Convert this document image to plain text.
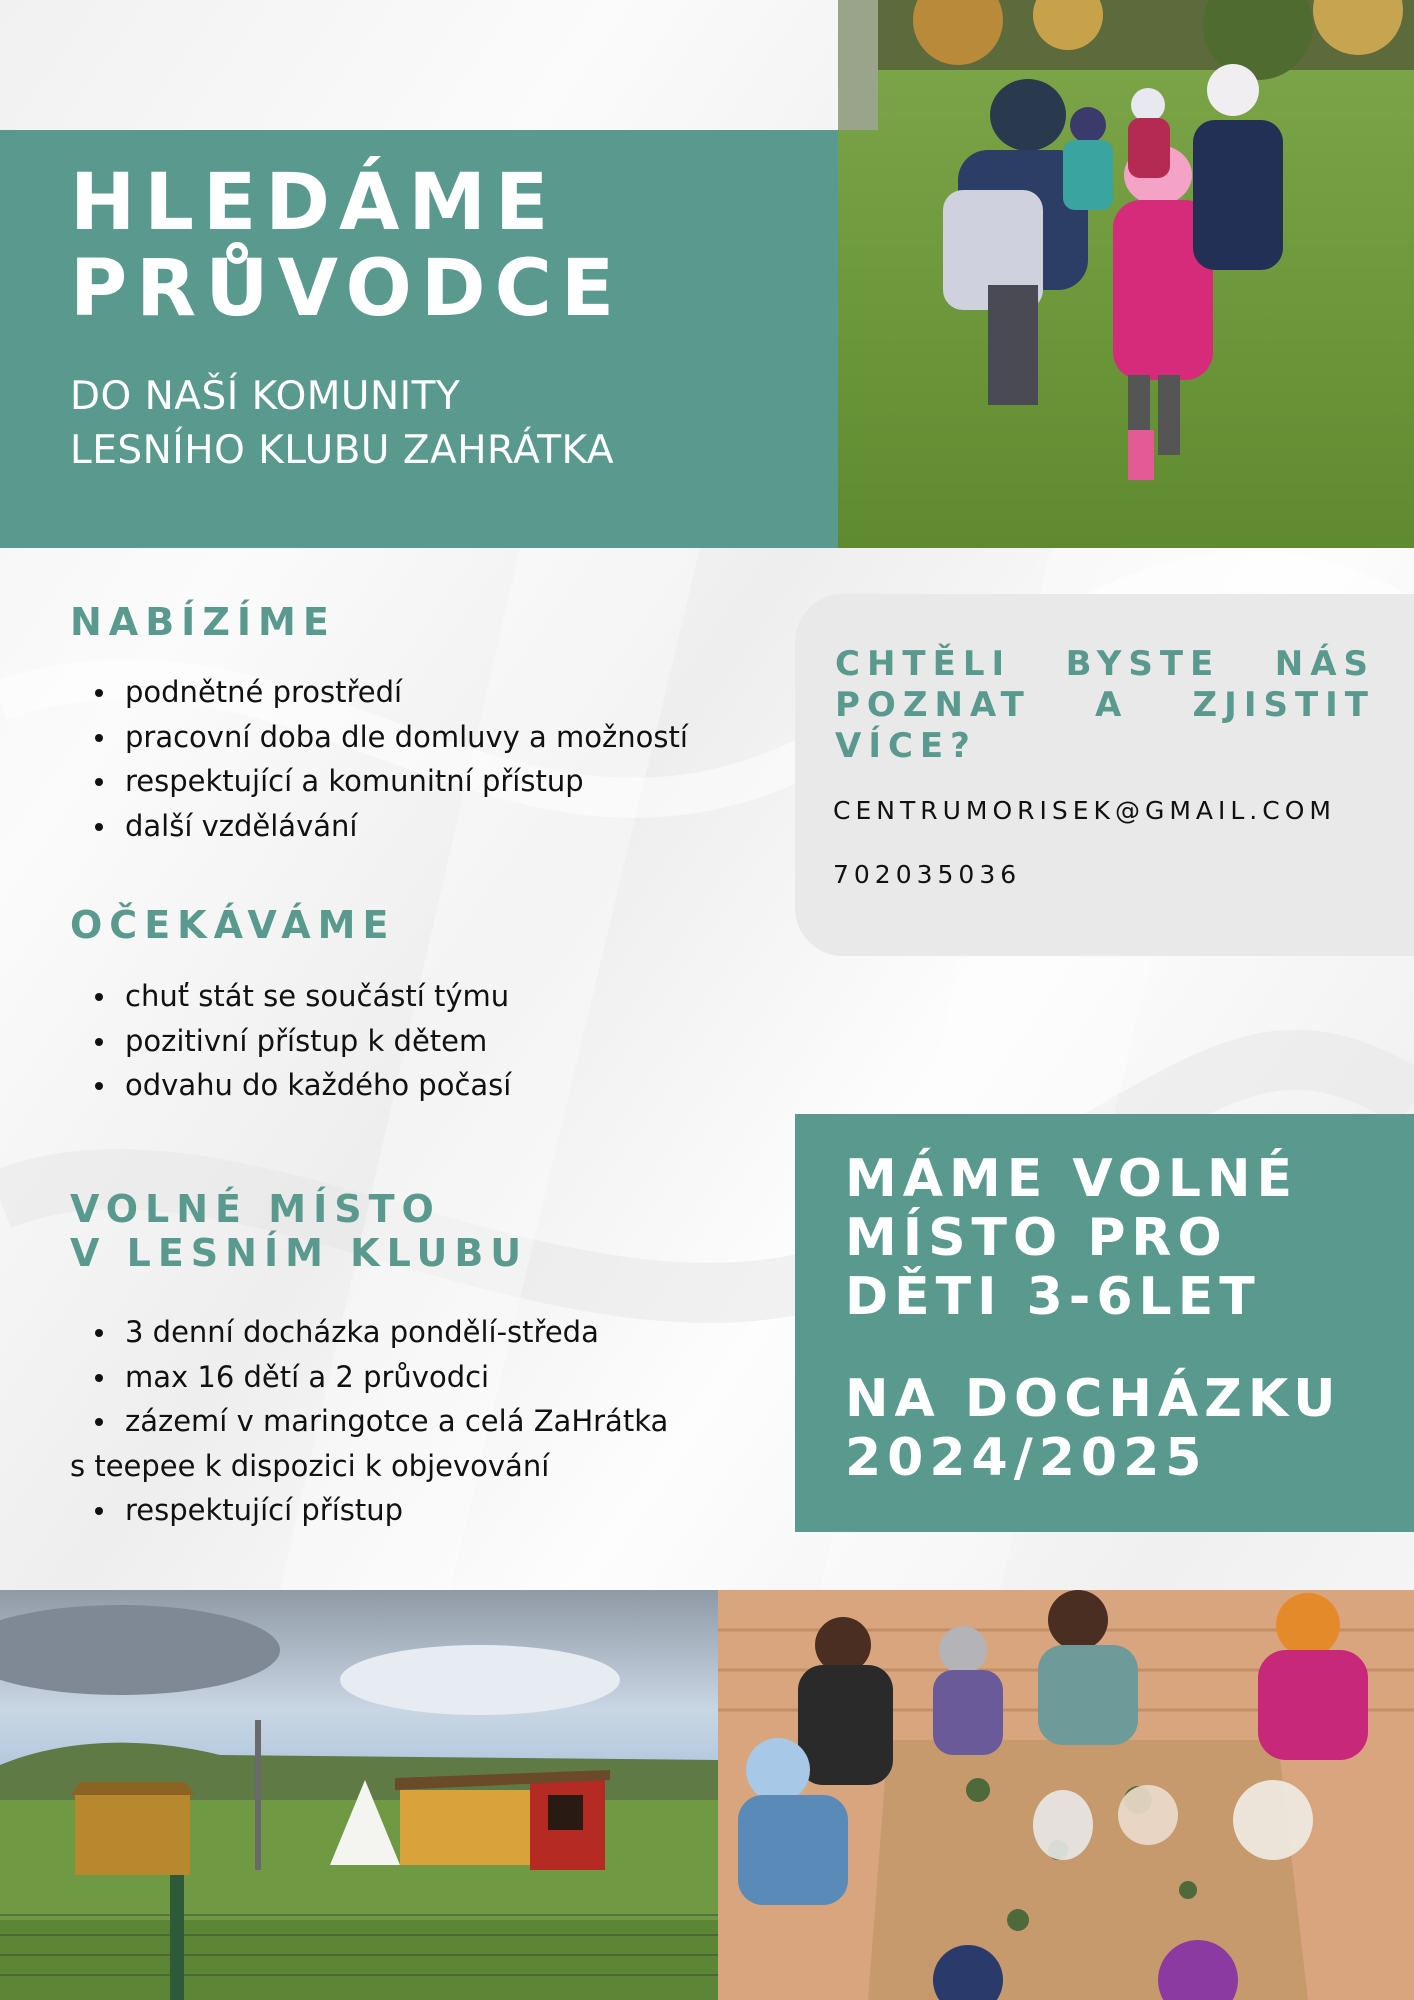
HLEDÁME
PRŮVODCE
DO NAŠÍ KOMUNITY
LESNÍHO KLUBU ZAHRÁTKA
NABÍZÍME
podnětné prostředí
pracovní doba dle domluvy a možností
respektující a komunitní přístup
další vzdělávání
OČEKÁVÁME
chuť stát se součástí týmu
pozitivní přístup k dětem
odvahu do každého počasí
VOLNÉ MÍSTO
V LESNÍM KLUBU
3 denní docházka pondělí-středa
max 16 dětí a 2 průvodci
zázemí v maringotce a celá ZaHrátka
s teepee k dispozici k objevování
respektující přístup
CHTĚLI BYSTE NÁS POZNAT A ZJISTIT VÍCE?
CENTRUMORISEK@GMAIL.COM
702035036
MÁME VOLNÉ
MÍSTO PRO
DĚTI 3-6LET
NA DOCHÁZKU
2024/2025
